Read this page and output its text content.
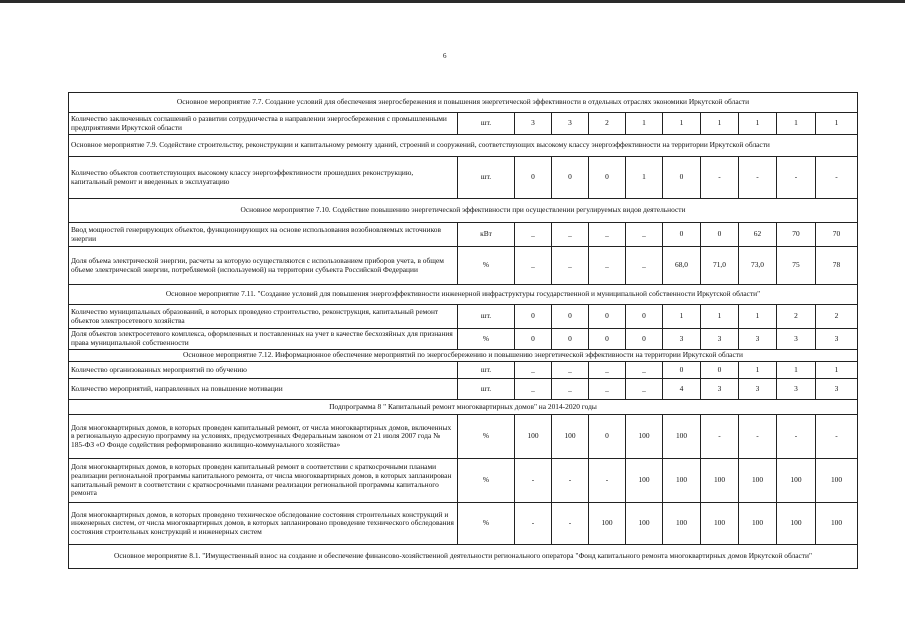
6
Основное мероприятие 7.7. Создание условий для обеспечения энергосбережения и повышения энергетической эффективности в отдельных отраслях экономики Иркутской области										
Количество заключенных соглашений о развитии сотрудничества в направлении энергосбережения с промышленными предприятиями Иркутской области	шт.	3	3	2	1	1	1	1	1	1
Основное мероприятие 7.9. Содействие строительству, реконструкции и капитальному ремонту зданий, строений и сооружений, соответствующих высокому классу энергоэффективности на территории Иркутской области										
Количество объектов соответствующих высокому классу энергоэффективности прошедших реконструкцию, капитальный ремонт и введенных в эксплуатацию	шт.	0	0	0	1	0	-	-	-	-
Основное мероприятие 7.10. Содействие повышению энергетической эффективности при осуществлении регулируемых видов деятельности										
Ввод мощностей генерирующих объектов, функционирующих на основе использования возобновляемых источников энергии	кВт	_	_	_	_	0	0	62	70	70
Доля объема электрической энергии, расчеты за которую осуществляются с использованием приборов учета, в общем объеме электрической энергии, потребляемой (используемой) на территории субъекта Российской Федерации	%	_	_	_	_	68,0	71,0	73,0	75	78
Основное мероприятие 7.11. "Создание условий для повышения энергоэффективности инженерной инфраструктуры государственной и муниципальной собственности Иркутской области"										
Количество муниципальных образований, в которых проведено строительство, реконструкция, капитальный ремонт объектов электросетевого хозяйства	шт.	0	0	0	0	1	1	1	2	2
Доля объектов электросетевого комплекса, оформленных и поставленных на учет в качестве бесхозяйных для признания права муниципальной собственности	%	0	0	0	0	3	3	3	3	3
Основное мероприятие 7.12. Информационное обеспечение мероприятий по энергосбережению и повышению энергетической эффективности на территории Иркутской области										
Количество организованных мероприятий по обучению	шт.	_	_	_	_	0	0	1	1	1
Количество мероприятий, направленных на повышение мотивации	шт.	_	_	_	_	4	3	3	3	3
Подпрограмма 8 " Капитальный ремонт многоквартирных домов" на 2014-2020 годы										
Доля многоквартирных домов, в которых проведен капитальный ремонт, от числа многоквартирных домов, включенных в региональную адресную программу на условиях, предусмотренных Федеральным законом от 21 июля 2007 года № 185-ФЗ «О Фонде содействия реформированию жилищно-коммунального хозяйства»	%	100	100	0	100	100	-	-	-	-
Доля многоквартирных домов, в которых проведен капитальный ремонт в соответствии с краткосрочными планами реализации региональной программы капитального ремонта, от числа многоквартирных домов, в которых запланирован капитальный ремонт в соответствии с краткосрочными планами реализации региональной программы капитального ремонта	%	-	-	-	100	100	100	100	100	100
Доля многоквартирных домов, в которых проведено техническое обследование состояния строительных конструкций и инженерных систем, от числа многоквартирных домов, в которых запланировано проведение технического обследования состояния строительных конструкций и инженерных систем	%	-	-	100	100	100	100	100	100	100
Основное мероприятие 8.1. "Имущественный взнос на создание и обеспечение финансово-хозяйственной деятельности регионального оператора "Фонд капитального ремонта многоквартирных домов Иркутской области"										
